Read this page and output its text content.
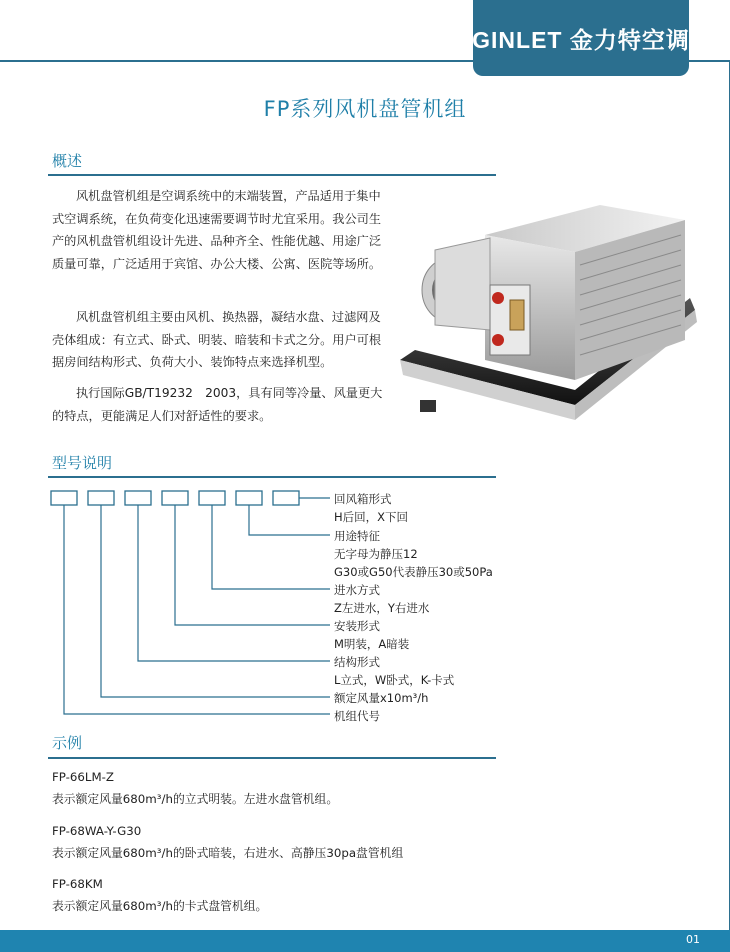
GINLET 金力特空调
FP系列风机盘管机组
概述

风机盘管机组是空调系统中的末端装置，产品适用于集中式空调系统，在负荷变化迅速需要调节时尤宜采用。我公司生产的风机盘管机组设计先进、品种齐全、性能优越、用途广泛质量可靠，广泛适用于宾馆、办公大楼、公寓、医院等场所。

风机盘管机组主要由风机、换热器，凝结水盘、过滤网及壳体组成：有立式、卧式、明装、暗装和卡式之分。用户可根据房间结构形式、负荷大小、装饰特点来选择机型。

执行国际GB/T19232　2003，具有同等冷量、风量更大的特点，更能满足人们对舒适性的要求。

型号说明
回风箱形式
H后回，X下回
用途特征
无字母为静压12
G30或G50代表静压30或50Pa
进水方式
Z左进水，Y右进水
安装形式
M明装，A暗装
结构形式
L立式，W卧式，K-卡式
额定风量x10m³/h
机组代号
示例
FP-66LM-Z
表示额定风量680m³/h的立式明装。左进水盘管机组。
FP-68WA-Y-G30
表示额定风量680m³/h的卧式暗装，右进水、高静压30pa盘管机组
FP-68KM
表示额定风量680m³/h的卡式盘管机组。
01
